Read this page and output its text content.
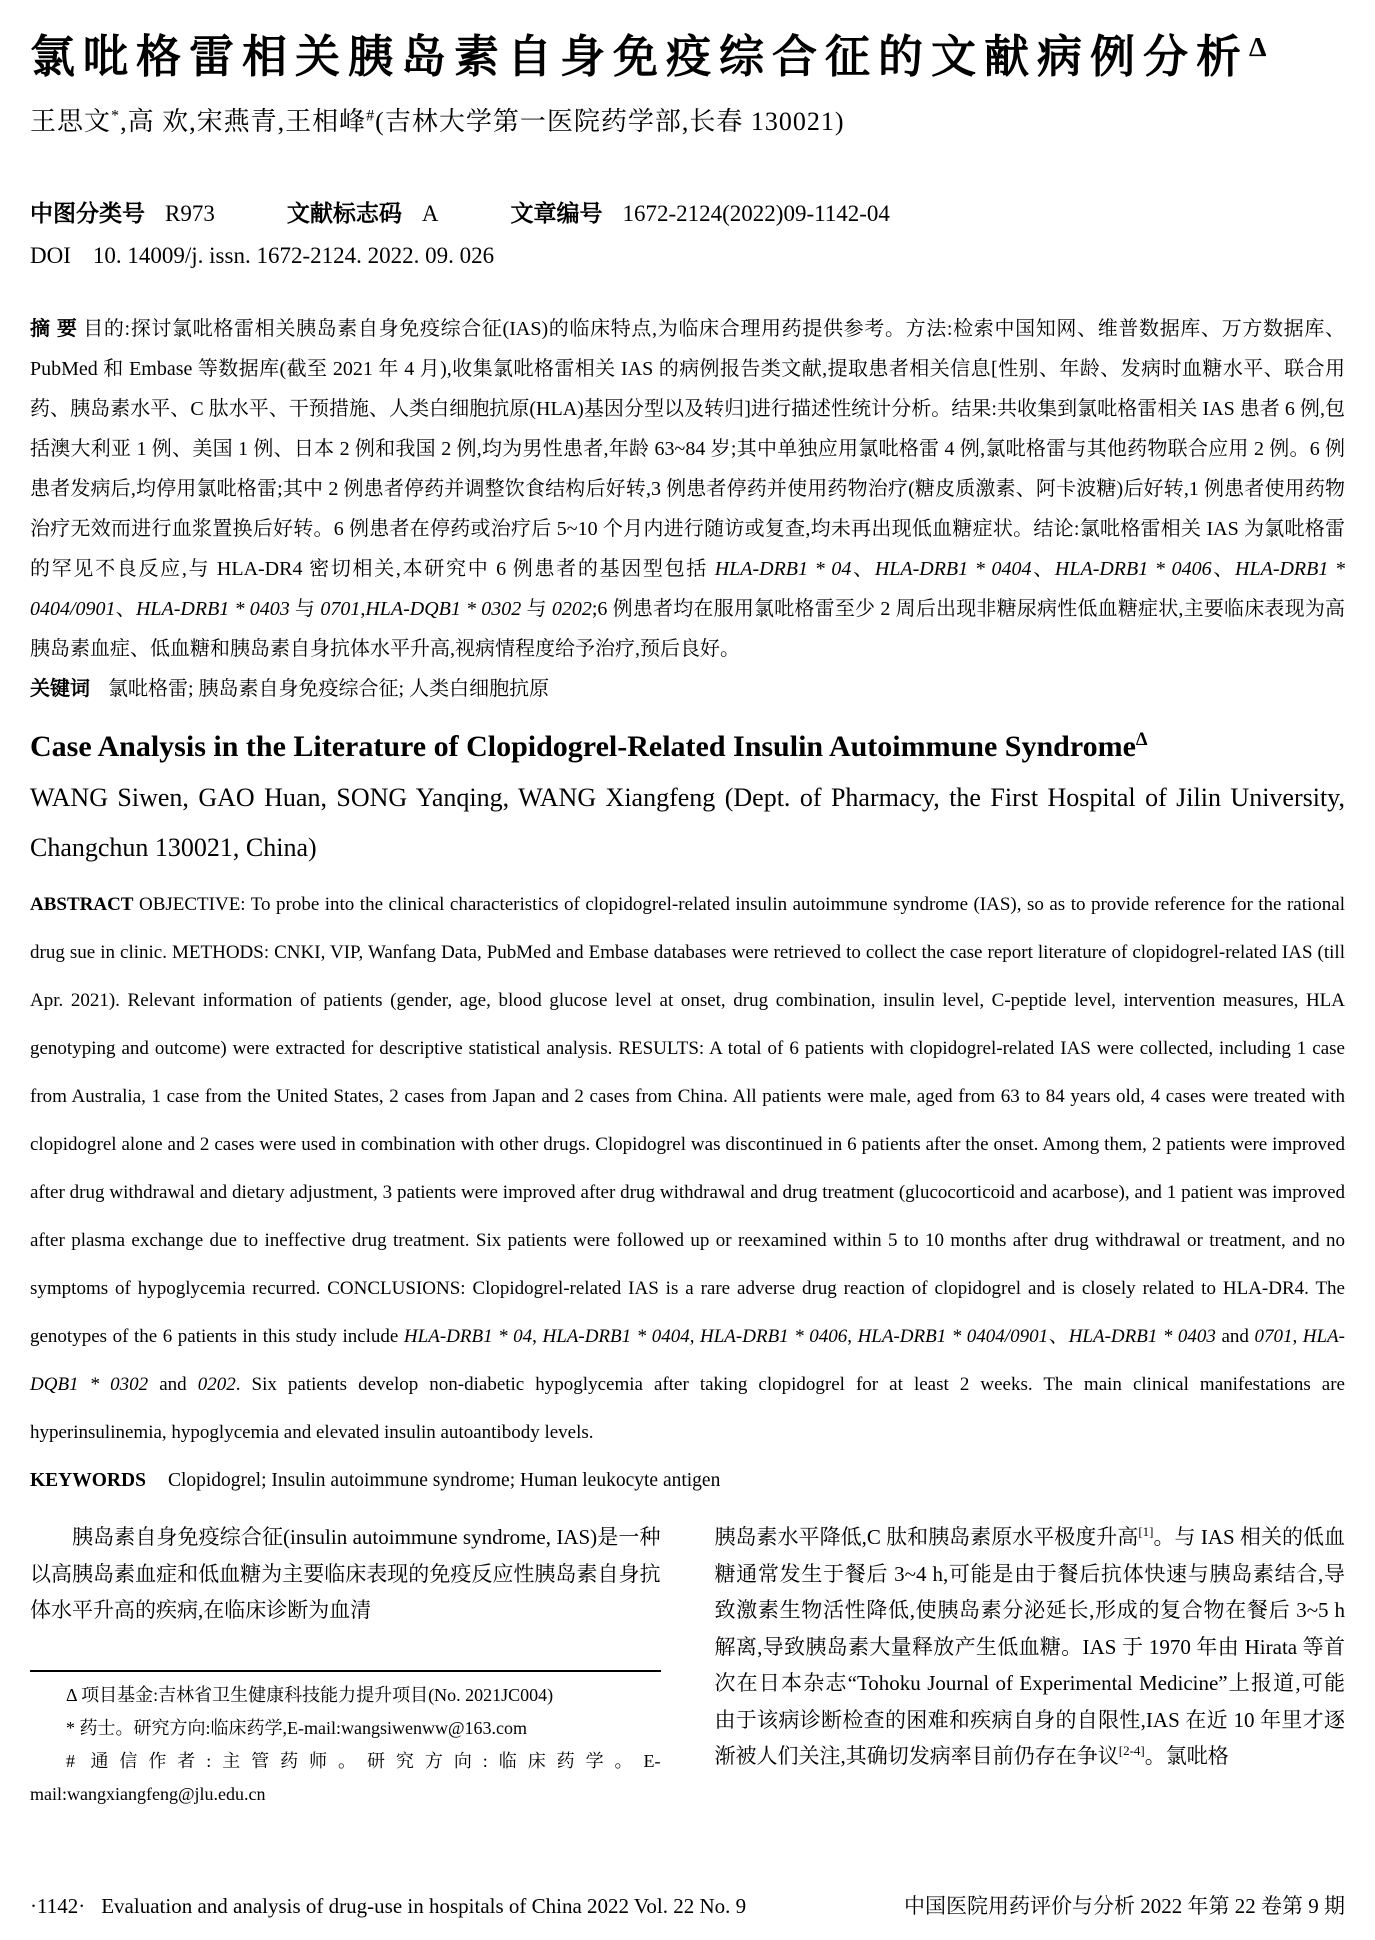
氯吡格雷相关胰岛素自身免疫综合征的文献病例分析$^\Delta$
王思文*,高 欢,宋燕青,王相峰#(吉林大学第一医院药学部,长春 130021)
中图分类号 R973	文献标志码 A	文章编号 1672-2124(2022)09-1142-04
DOI 10. 14009/j. issn. 1672-2124. 2022. 09. 026

摘 要 目的:探讨氯吡格雷相关胰岛素自身免疫综合征(IAS)的临床特点,为临床合理用药提供参考。方法:检索中国知网、维普数据库、万方数据库、PubMed 和 Embase 等数据库(截至 2021 年 4 月),收集氯吡格雷相关 IAS 的病例报告类文献,提取患者相关信息[性别、年龄、发病时血糖水平、联合用药、胰岛素水平、C 肽水平、干预措施、人类白细胞抗原(HLA)基因分型以及转归]进行描述性统计分析。结果:共收集到氯吡格雷相关 IAS 患者 6 例,包括澳大利亚 1 例、美国 1 例、日本 2 例和我国 2 例,均为男性患者,年龄 63~84 岁;其中单独应用氯吡格雷 4 例,氯吡格雷与其他药物联合应用 2 例。6 例患者发病后,均停用氯吡格雷;其中 2 例患者停药并调整饮食结构后好转,3 例患者停药并使用药物治疗(糖皮质激素、阿卡波糖)后好转,1 例患者使用药物治疗无效而进行血浆置换后好转。6 例患者在停药或治疗后 5~10 个月内进行随访或复查,均未再出现低血糖症状。结论:氯吡格雷相关 IAS 为氯吡格雷的罕见不良反应,与 HLA-DR4 密切相关,本研究中 6 例患者的基因型包括 HLA-DRB1 * 04、HLA-DRB1 * 0404、HLA-DRB1 * 0406、HLA-DRB1 * 0404/0901、HLA-DRB1 * 0403 与 0701,HLA-DQB1 * 0302 与 0202;6 例患者均在服用氯吡格雷至少 2 周后出现非糖尿病性低血糖症状,主要临床表现为高胰岛素血症、低血糖和胰岛素自身抗体水平升高,视病情程度给予治疗,预后良好。

关键词 氯吡格雷; 胰岛素自身免疫综合征; 人类白细胞抗原

Case Analysis in the Literature of Clopidogrel-Related Insulin Autoimmune Syndrome$^\Delta$
WANG Siwen, GAO Huan, SONG Yanqing, WANG Xiangfeng (Dept. of Pharmacy, the First Hospital of Jilin University, Changchun 130021, China)

ABSTRACT OBJECTIVE: To probe into the clinical characteristics of clopidogrel-related insulin autoimmune syndrome (IAS), so as to provide reference for the rational drug sue in clinic. METHODS: CNKI, VIP, Wanfang Data, PubMed and Embase databases were retrieved to collect the case report literature of clopidogrel-related IAS (till Apr. 2021). Relevant information of patients (gender, age, blood glucose level at onset, drug combination, insulin level, C-peptide level, intervention measures, HLA genotyping and outcome) were extracted for descriptive statistical analysis. RESULTS: A total of 6 patients with clopidogrel-related IAS were collected, including 1 case from Australia, 1 case from the United States, 2 cases from Japan and 2 cases from China. All patients were male, aged from 63 to 84 years old, 4 cases were treated with clopidogrel alone and 2 cases were used in combination with other drugs. Clopidogrel was discontinued in 6 patients after the onset. Among them, 2 patients were improved after drug withdrawal and dietary adjustment, 3 patients were improved after drug withdrawal and drug treatment (glucocorticoid and acarbose), and 1 patient was improved after plasma exchange due to ineffective drug treatment. Six patients were followed up or reexamined within 5 to 10 months after drug withdrawal or treatment, and no symptoms of hypoglycemia recurred. CONCLUSIONS: Clopidogrel-related IAS is a rare adverse drug reaction of clopidogrel and is closely related to HLA-DR4. The genotypes of the 6 patients in this study include HLA-DRB1 * 04, HLA-DRB1 * 0404, HLA-DRB1 * 0406, HLA-DRB1 * 0404/0901、HLA-DRB1 * 0403 and 0701, HLA-DQB1 * 0302 and 0202. Six patients develop non-diabetic hypoglycemia after taking clopidogrel for at least 2 weeks. The main clinical manifestations are hyperinsulinemia, hypoglycemia and elevated insulin autoantibody levels.

KEYWORDS Clopidogrel; Insulin autoimmune syndrome; Human leukocyte antigen

胰岛素自身免疫综合征(insulin autoimmune syndrome, IAS)是一种以高胰岛素血症和低血糖为主要临床表现的免疫反应性胰岛素自身抗体水平升高的疾病,在临床诊断为血清

Δ 项目基金:吉林省卫生健康科技能力提升项目(No. 2021JC004)

* 药士。研究方向:临床药学,E-mail:wangsiwenww@163.com

# 通信作者:主管药师。研究方向:临床药学。E-mail:wangxiangfeng@jlu.edu.cn

胰岛素水平降低,C 肽和胰岛素原水平极度升高[1]。与 IAS 相关的低血糖通常发生于餐后 3~4 h,可能是由于餐后抗体快速与胰岛素结合,导致激素生物活性降低,使胰岛素分泌延长,形成的复合物在餐后 3~5 h 解离,导致胰岛素大量释放产生低血糖。IAS 于 1970 年由 Hirata 等首次在日本杂志“Tohoku Journal of Experimental Medicine”上报道,可能由于该病诊断检查的困难和疾病自身的自限性,IAS 在近 10 年里才逐渐被人们关注,其确切发病率目前仍存在争议[2-4]。氯吡格

·1142· Evaluation and analysis of drug-use in hospitals of China 2022 Vol. 22 No. 9	中国医院用药评价与分析 2022 年第 22 卷第 9 期
